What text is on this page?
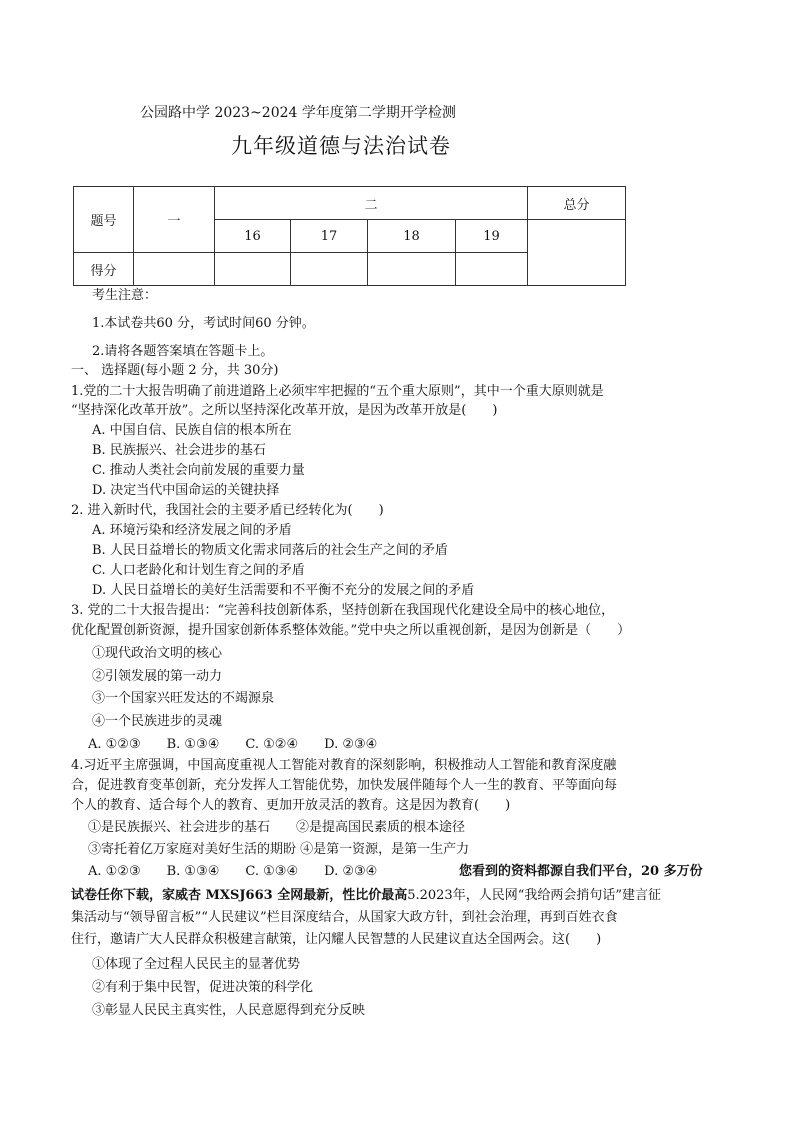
公园路中学 2023~2024 学年度第二学期开学检测
九年级道德与法治试卷
题号	一	二				总分
		16	17	18	19	
得分						
考生注意：
1.本试卷共60 分，考试时间60 分钟。
2.请将各题答案填在答题卡上。
一、 选择题(每小题 2 分，共 30分)
1.党的二十大报告明确了前进道路上必须牢牢把握的“五个重大原则”，其中一个重大原则就是
“坚持深化改革开放”。之所以坚持深化改革开放，是因为改革开放是(　　)
A. 中国自信、民族自信的根本所在
B. 民族振兴、社会进步的基石
C. 推动人类社会向前发展的重要力量
D. 决定当代中国命运的关键抉择
2. 进入新时代，我国社会的主要矛盾已经转化为(　　)
A. 环境污染和经济发展之间的矛盾
B. 人民日益增长的物质文化需求同落后的社会生产之间的矛盾
C. 人口老龄化和计划生育之间的矛盾
D. 人民日益增长的美好生活需要和不平衡不充分的发展之间的矛盾
3. 党的二十大报告提出：“完善科技创新体系，坚持创新在我国现代化建设全局中的核心地位，
优化配置创新资源，提升国家创新体系整体效能。”党中央之所以重视创新，是因为创新是（　　）
①现代政治文明的核心
②引领发展的第一动力
③一个国家兴旺发达的不竭源泉
④一个民族进步的灵魂
A. ①②③　　B. ①③④　　C. ①②④　　D. ②③④
4.习近平主席强调，中国高度重视人工智能对教育的深刻影响，积极推动人工智能和教育深度融
合，促进教育变革创新，充分发挥人工智能优势，加快发展伴随每个人一生的教育、平等面向每
个人的教育、适合每个人的教育、更加开放灵活的教育。这是因为教育(　　)
①是民族振兴、社会进步的基石　　②是提高国民素质的根本途径
③寄托着亿万家庭对美好生活的期盼 ④是第一资源，是第一生产力
A. ①②③　　B. ①③④　　C. ①③④　　D. ②③④	您看到的资料都源自我们平台，20 多万份
试卷任你下载，家威杏 MXSJ663 全网最新，性比价最高5.2023年，人民网“我给两会捎句话”建言征
集活动与“领导留言板”“人民建议”栏目深度结合，从国家大政方针，到社会治理，再到百姓衣食
住行，邀请广大人民群众积极建言献策，让闪耀人民智慧的人民建议直达全国两会。这(　　)
①体现了全过程人民民主的显著优势
②有利于集中民智，促进决策的科学化
③彰显人民民主真实性，人民意愿得到充分反映
